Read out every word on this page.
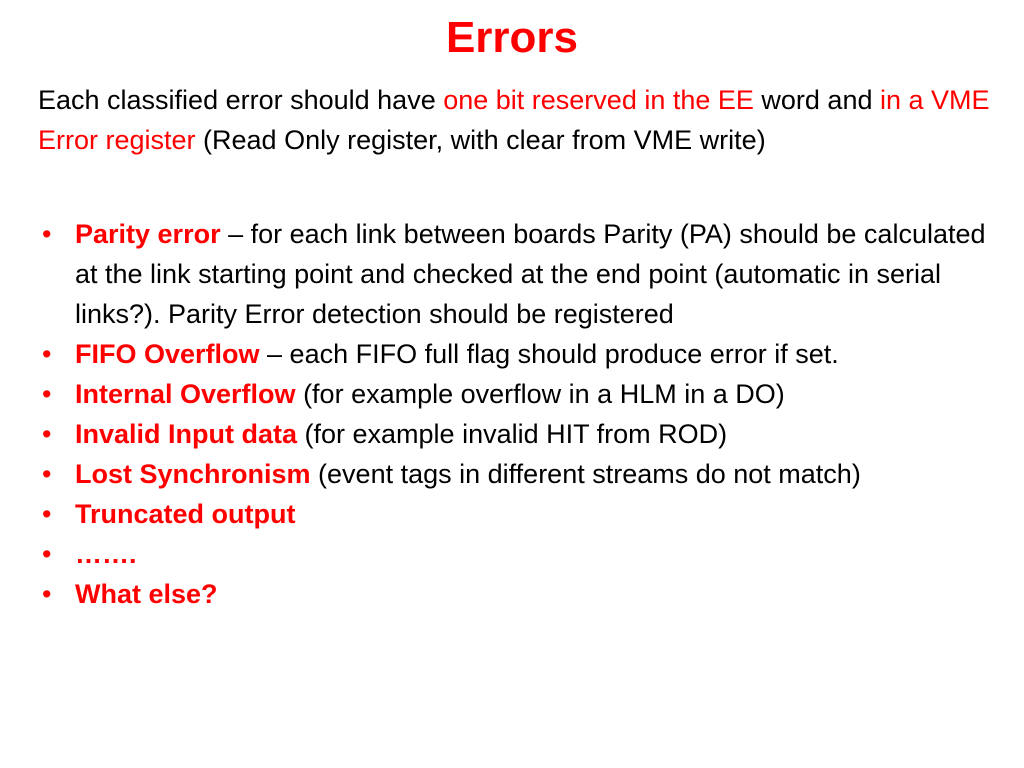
Errors

Each classified error should have one bit reserved in the EE word and in a VME Error register (Read Only register, with clear from VME write)

• Parity error – for each link between boards Parity (PA) should be calculated at the link starting point and checked at the end point (automatic in serial links?). Parity Error detection should be registered
• FIFO Overflow – each FIFO full flag should produce error if set.
• Internal Overflow (for example overflow in a HLM in a DO)
• Invalid Input data (for example invalid HIT from ROD)
• Lost Synchronism (event tags in different streams do not match)
• Truncated output
• …….
• What else?
